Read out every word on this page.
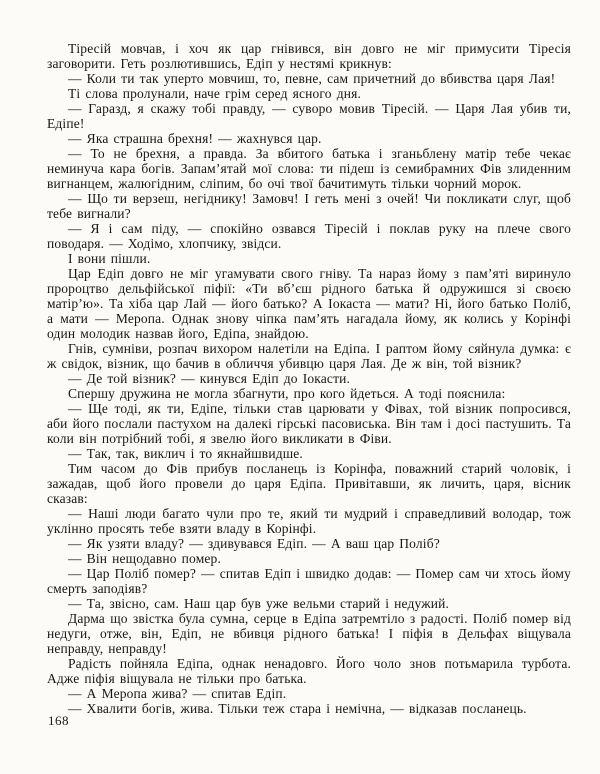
Тіресій мовчав, і хоч як цар гнівився, він довго не міг примусити Тіресія заговорити. Геть розлютившись, Едіп у нестямі крикнув:

— Коли ти так уперто мовчиш, то, певне, сам причетний до вбивства царя Лая!

Ті слова пролунали, наче грім серед ясного дня.

— Гаразд, я скажу тобі правду, — суворо мовив Тіресій. — Царя Лая убив ти, Едіпе!

— Яка страшна брехня! — жахнувся цар.

— То не брехня, а правда. За вбитого батька і зганьблену матір тебе чекає неминуча кара богів. Запам’ятай мої слова: ти підеш із семибрамних Фів злиденним вигнанцем, жалюгідним, сліпим, бо очі твої бачитимуть тільки чорний морок.

— Що ти верзеш, негіднику! Замовч! І геть мені з очей! Чи покликати слуг, щоб тебе вигнали?

— Я і сам піду, — спокійно озвався Тіресій і поклав руку на плече свого поводаря. — Ходімо, хлопчику, звідси.

І вони пішли.

Цар Едіп довго не міг угамувати свого гніву. Та нараз йому з пам’яті виринуло пророцтво дельфійської піфії: «Ти вб’єш рідного батька й одружишся зі своєю матір’ю». Та хіба цар Лай — його батько? А Іокаста — мати? Ні, його батько Поліб, а мати — Меропа. Однак знову чіпка пам’ять нагадала йому, як колись у Корінфі один молодик назвав його, Едіпа, знайдою.

Гнів, сумніви, розпач вихором налетіли на Едіпа. І раптом йому сяйнула думка: є ж свідок, візник, що бачив в обличчя убивцю царя Лая. Де ж він, той візник?

— Де той візник? — кинувся Едіп до Іокасти.

Спершу дружина не могла збагнути, про кого йдеться. А тоді пояснила:

— Ще тоді, як ти, Едіпе, тільки став царювати у Фівах, той візник попросився, аби його послали пастухом на далекі гірські пасовиська. Він там і досі пастушить. Та коли він потрібний тобі, я звелю його викликати в Фіви.

— Так, так, виклич і то якнайшвидше.

Тим часом до Фів прибув посланець із Корінфа, поважний старий чоловік, і зажадав, щоб його провели до царя Едіпа. Привітавши, як личить, царя, вісник сказав:

— Наші люди багато чули про те, який ти мудрий і справедливий володар, тож уклінно просять тебе взяти владу в Корінфі.

— Як узяти владу? — здивувався Едіп. — А ваш цар Поліб?

— Він нещодавно помер.

— Цар Поліб помер? — спитав Едіп і швидко додав: — Помер сам чи хтось йому смерть заподіяв?

— Та, звісно, сам. Наш цар був уже вельми старий і недужий.

Дарма що звістка була сумна, серце в Едіпа затремтіло з радості. Поліб помер від недуги, отже, він, Едіп, не вбивця рідного батька! І піфія в Дельфах віщувала неправду, неправду!

Радість пойняла Едіпа, однак ненадовго. Його чоло знов потьмарила турбота. Адже піфія віщувала не тільки про батька.

— А Меропа жива? — спитав Едіп.

— Хвалити богів, жива. Тільки теж стара і немічна, — відказав посланець.

168
